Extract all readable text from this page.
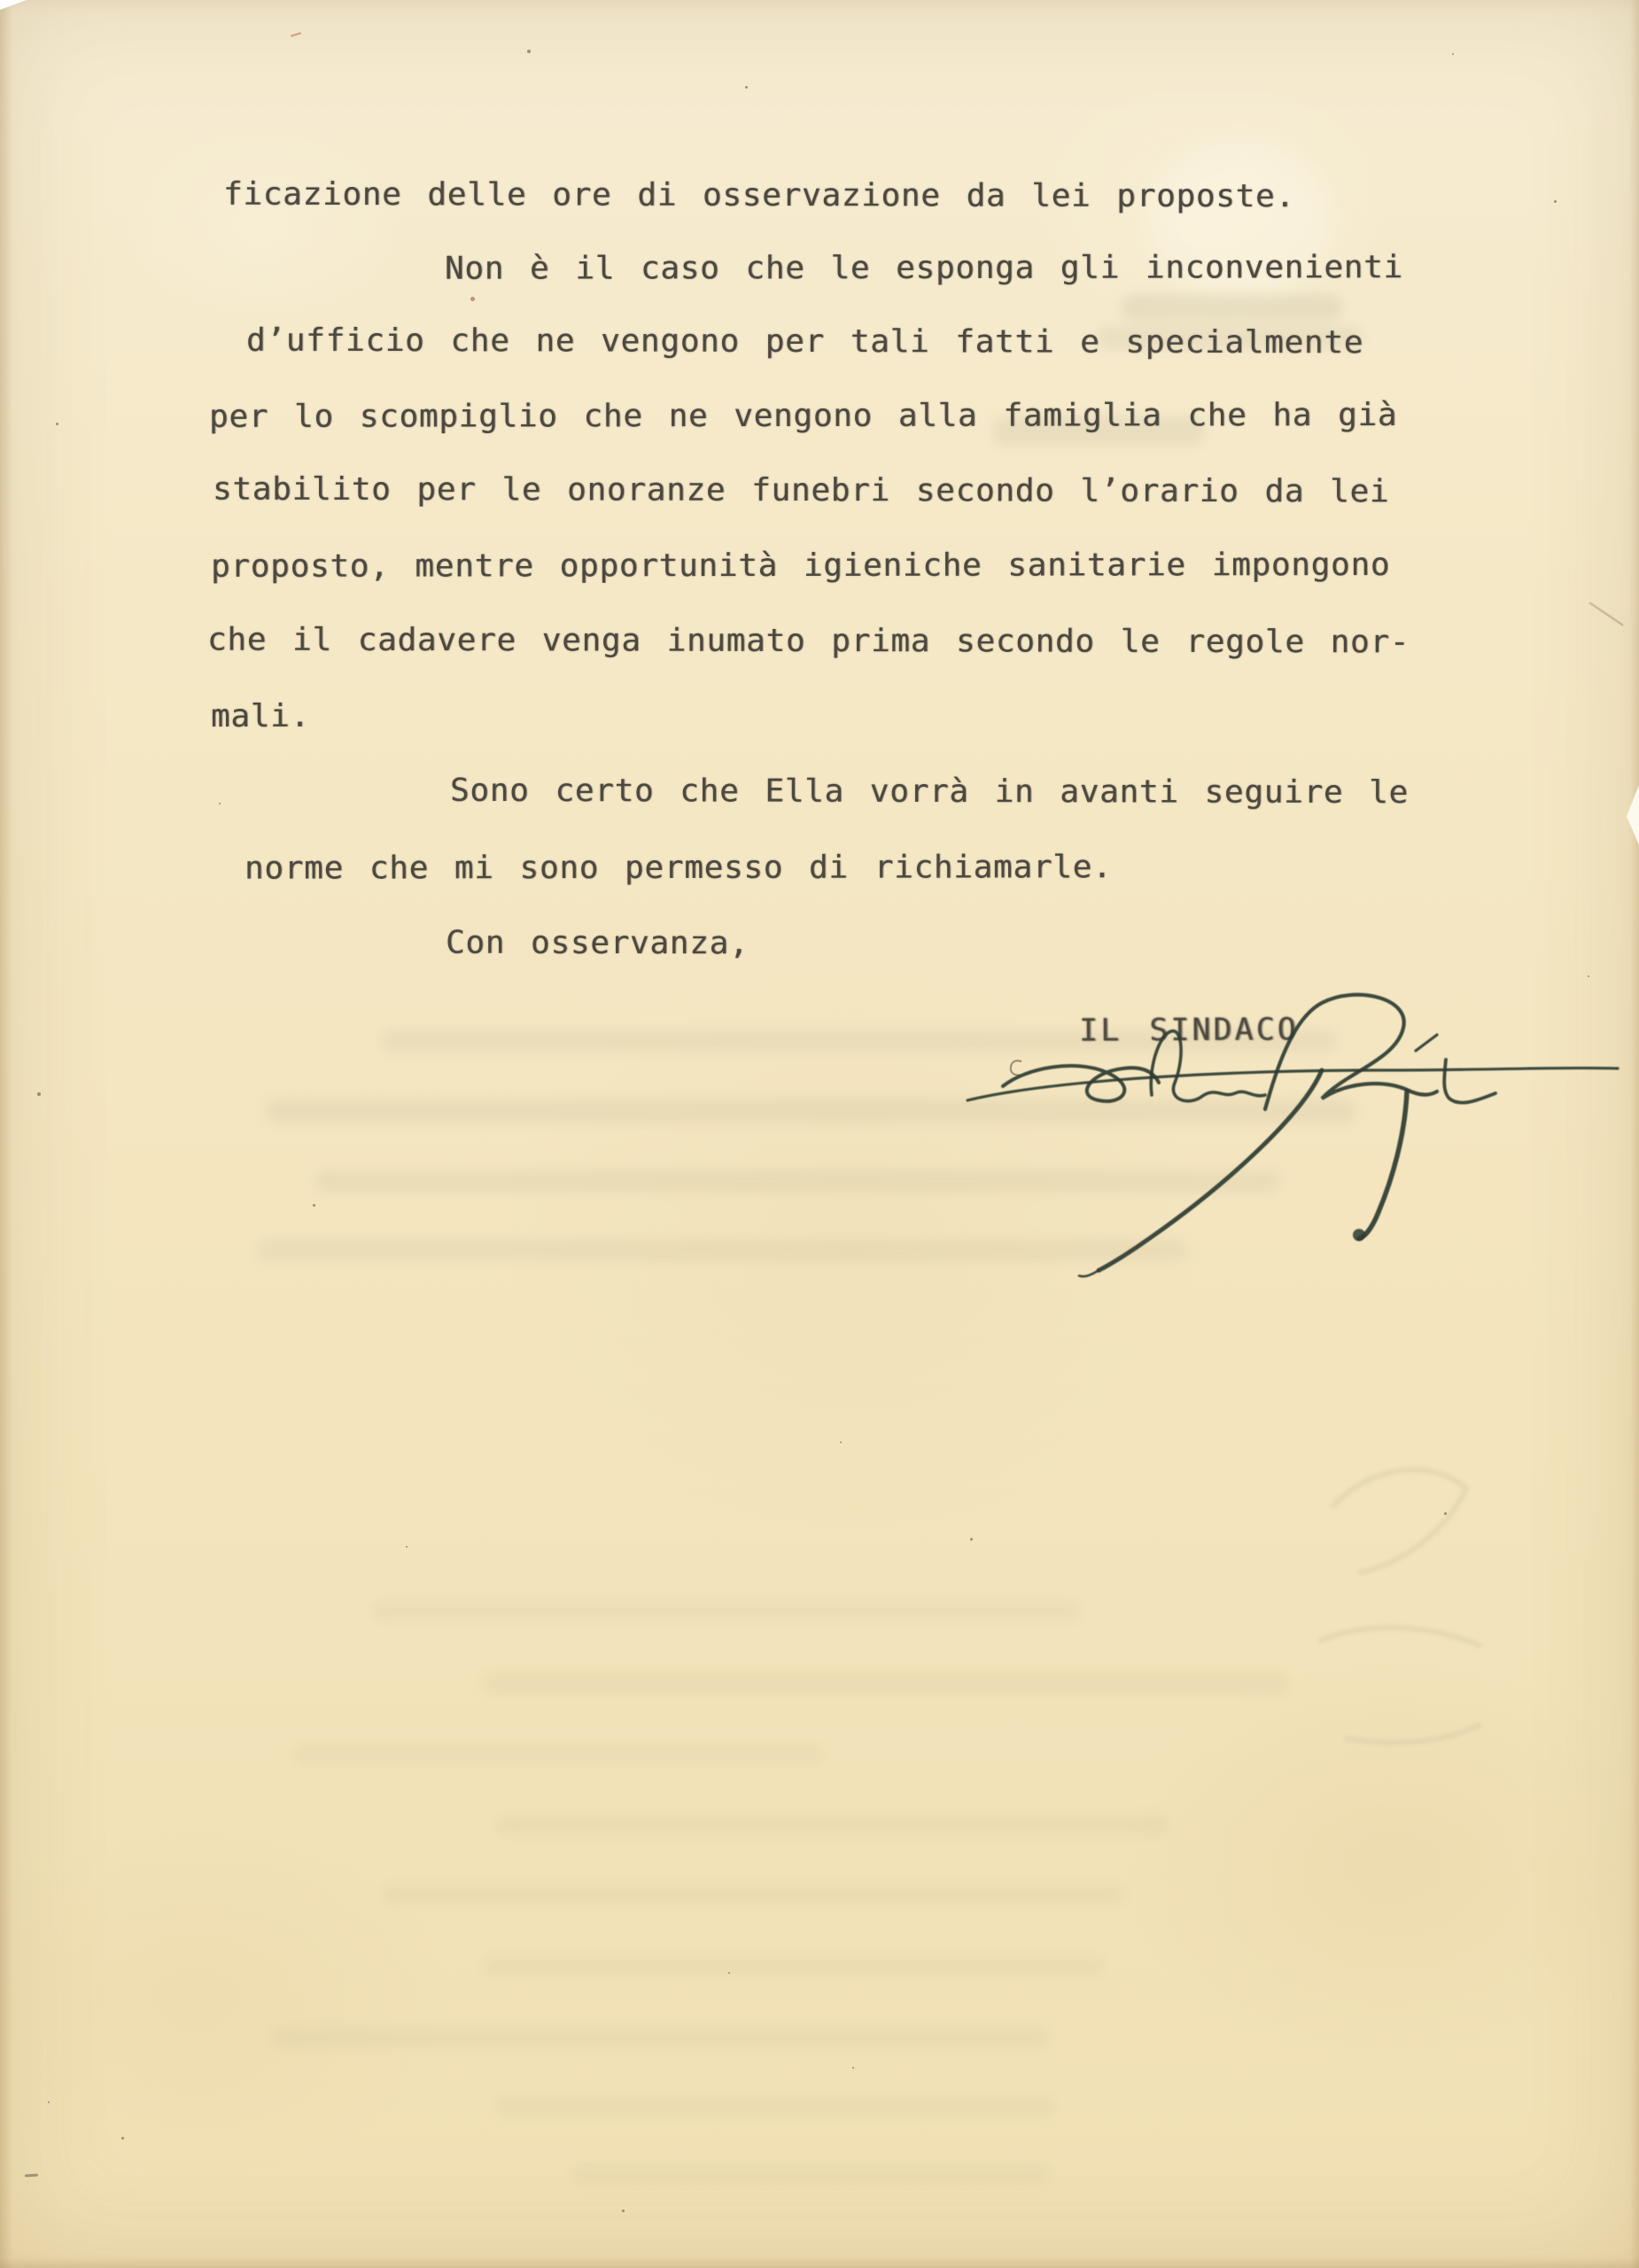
ficazione delle ore di osservazione da lei proposte.
Non è il caso che le esponga gli inconvenienti
d’ufficio che ne vengono per tali fatti e specialmente
per lo scompiglio che ne vengono alla famiglia che ha già
stabilito per le onoranze funebri secondo l’orario da lei
proposto, mentre opportunità igieniche sanitarie impongono
che il cadavere venga inumato prima secondo le regole nor-
mali.
Sono certo che Ella vorrà in avanti seguire le
norme che mi sono permesso di richiamarle.
Con osservanza,
IL SINDACO
